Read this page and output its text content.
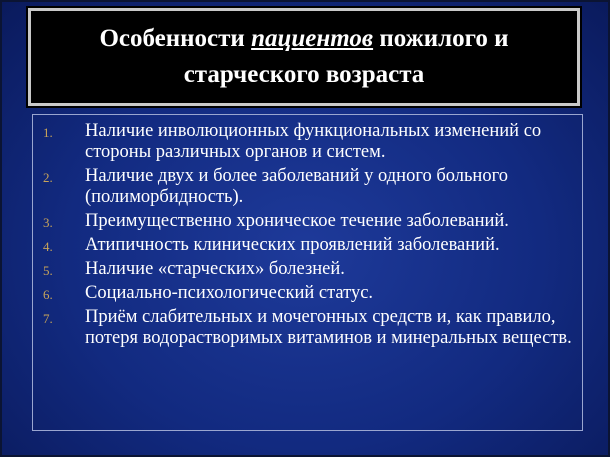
Особенности пациентов пожилого и
старческого возраста
1. Наличие инволюционных функциональных изменений со стороны различных органов и систем.
2. Наличие двух и более заболеваний у одного больного (полиморбидность).
3. Преимущественно хроническое течение заболеваний.
4. Атипичность клинических проявлений заболеваний.
5. Наличие «старческих» болезней.
6. Социально-психологический статус.
7. Приём слабительных и мочегонных средств и, как правило, потеря водорастворимых витаминов и минеральных веществ.
